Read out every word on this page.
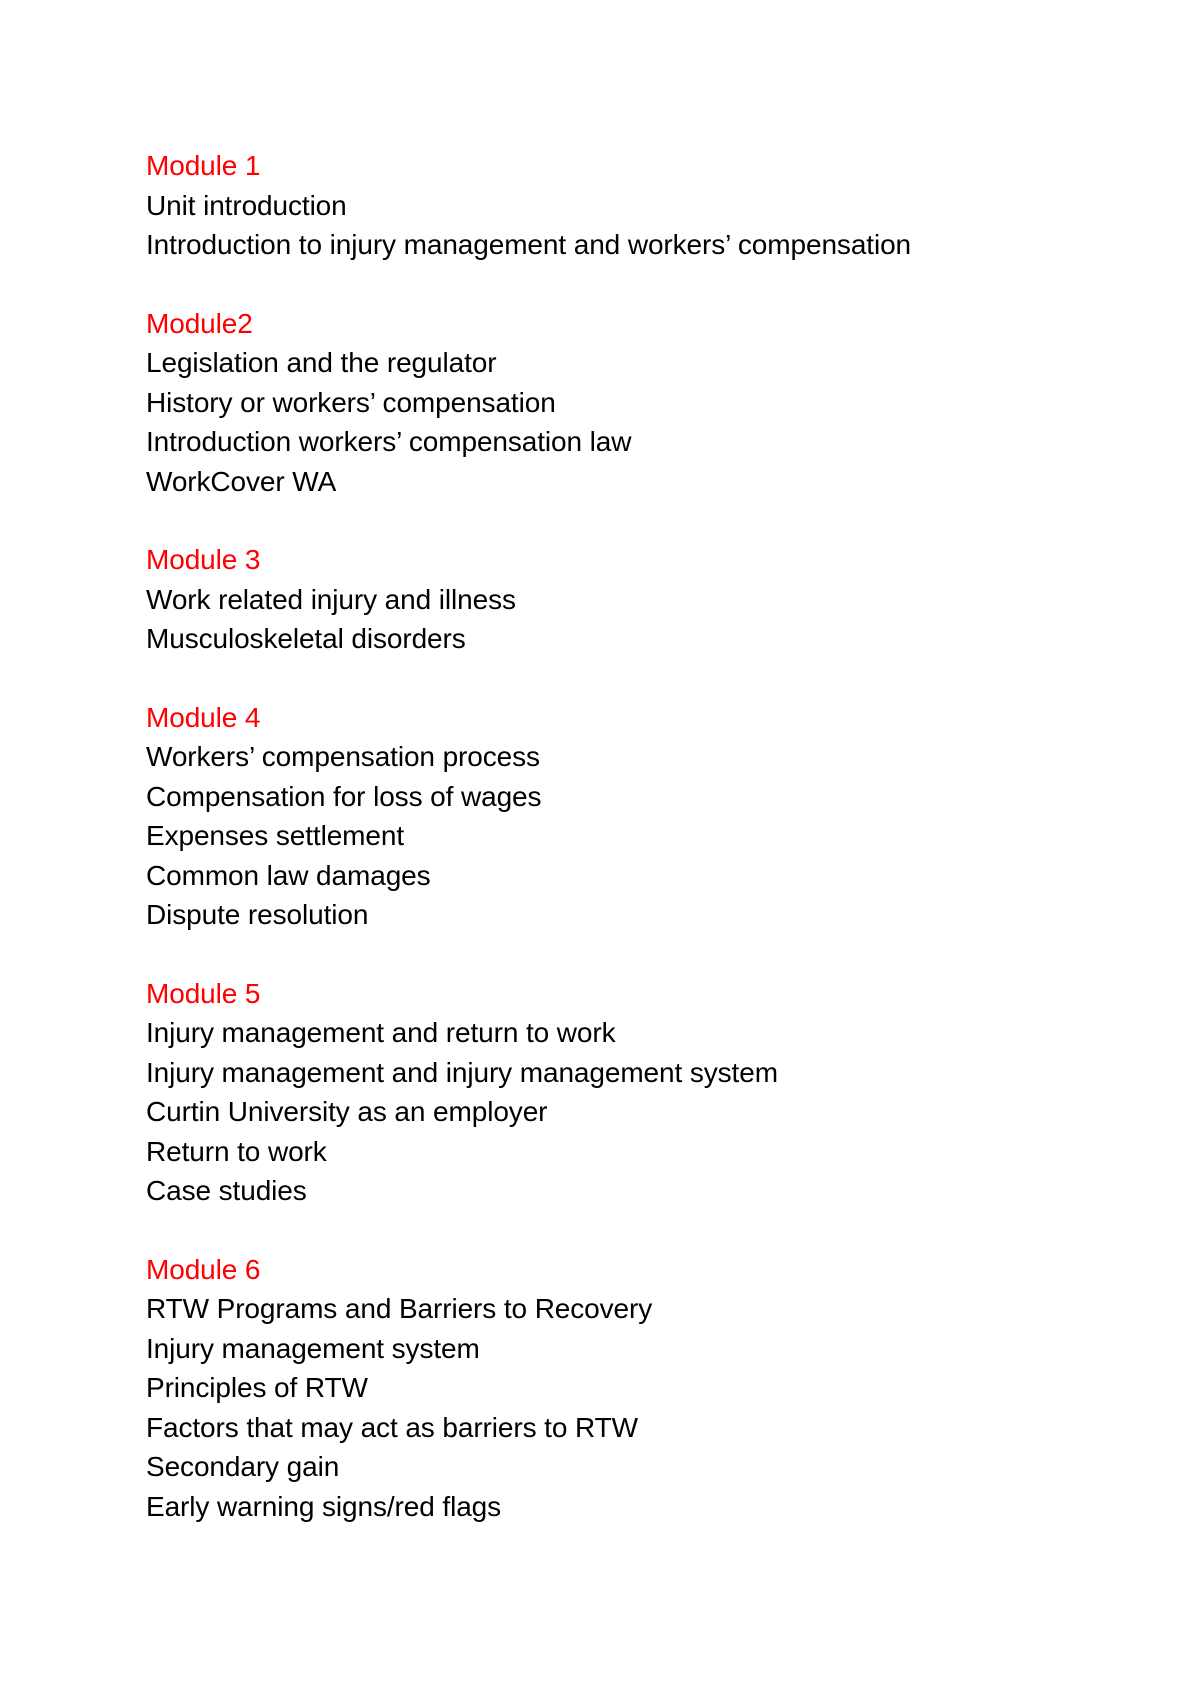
Module 1
Unit introduction
Introduction to injury management and workers’ compensation
Module2
Legislation and the regulator
History or workers’ compensation
Introduction workers’ compensation law
WorkCover WA
Module 3
Work related injury and illness
Musculoskeletal disorders
Module 4
Workers’ compensation process
Compensation for loss of wages
Expenses settlement
Common law damages
Dispute resolution
Module 5
Injury management and return to work
Injury management and injury management system
Curtin University as an employer
Return to work
Case studies
Module 6
RTW Programs and Barriers to Recovery
Injury management system
Principles of RTW
Factors that may act as barriers to RTW
Secondary gain
Early warning signs/red flags
